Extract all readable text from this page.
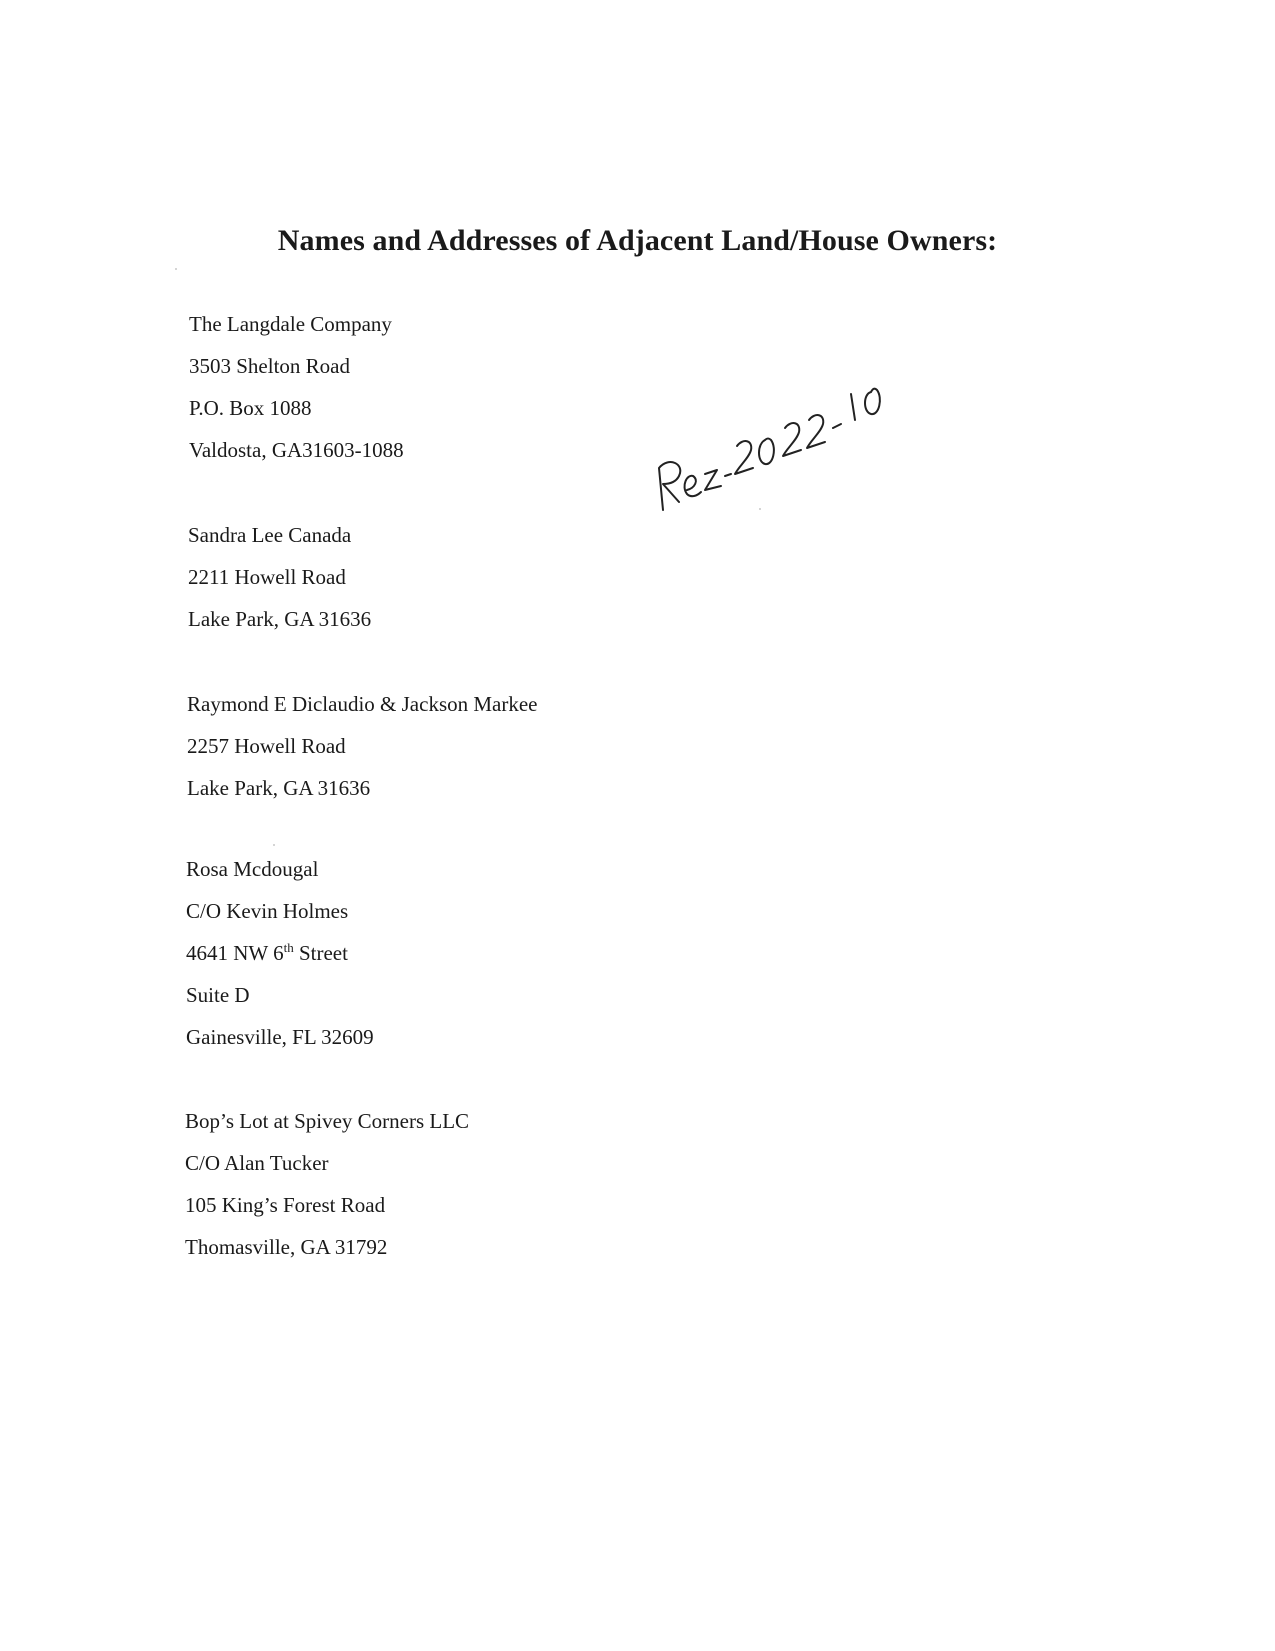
Names and Addresses of Adjacent Land/House Owners:
The Langdale Company
3503 Shelton Road
P.O. Box 1088
Valdosta, GA31603-1088
Sandra Lee Canada
2211 Howell Road
Lake Park, GA 31636
Raymond E Diclaudio & Jackson Markee
2257 Howell Road
Lake Park, GA 31636
Rosa Mcdougal
C/O Kevin Holmes
4641 NW 6th Street
Suite D
Gainesville, FL 32609
Bop’s Lot at Spivey Corners LLC
C/O Alan Tucker
105 King’s Forest Road
Thomasville, GA 31792
